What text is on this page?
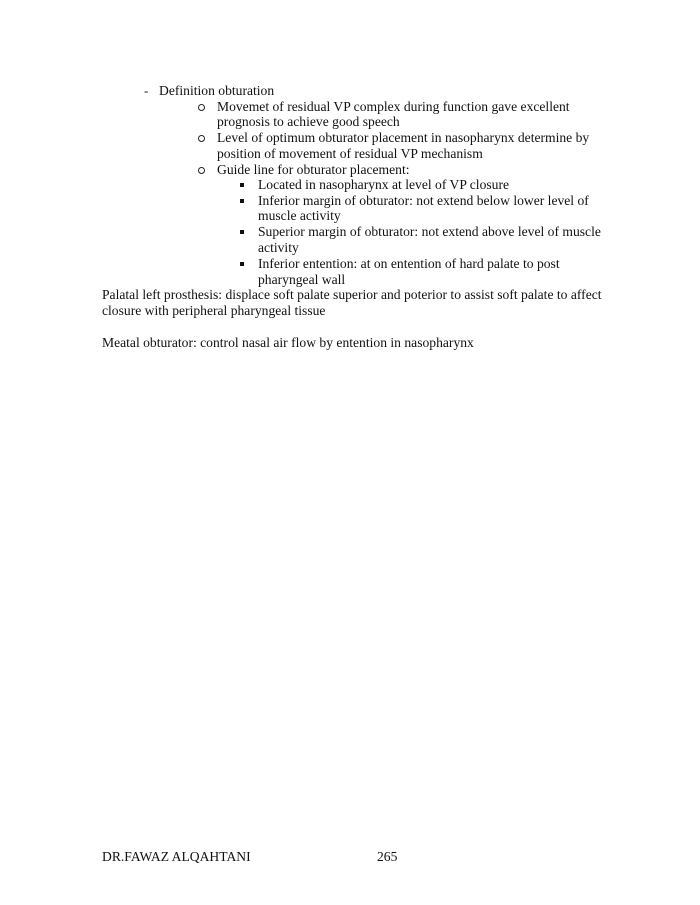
- Definition obturation
Movemet of residual VP complex during function gave excellent
prognosis to achieve good speech
Level of optimum obturator placement in nasopharynx determine by
position of movement of residual VP mechanism
Guide line for obturator placement:
Located in nasopharynx at level of VP closure
Inferior margin of obturator: not extend below lower level of
muscle activity
Superior margin of obturator: not extend above level of muscle
activity
Inferior entention: at on entention of hard palate to post
pharyngeal wall
Palatal left prosthesis: displace soft palate superior and poterior to assist soft palate to affect
closure with peripheral pharyngeal tissue
Meatal obturator: control nasal air flow by entention in nasopharynx
DR.FAWAZ ALQAHTANI	265
